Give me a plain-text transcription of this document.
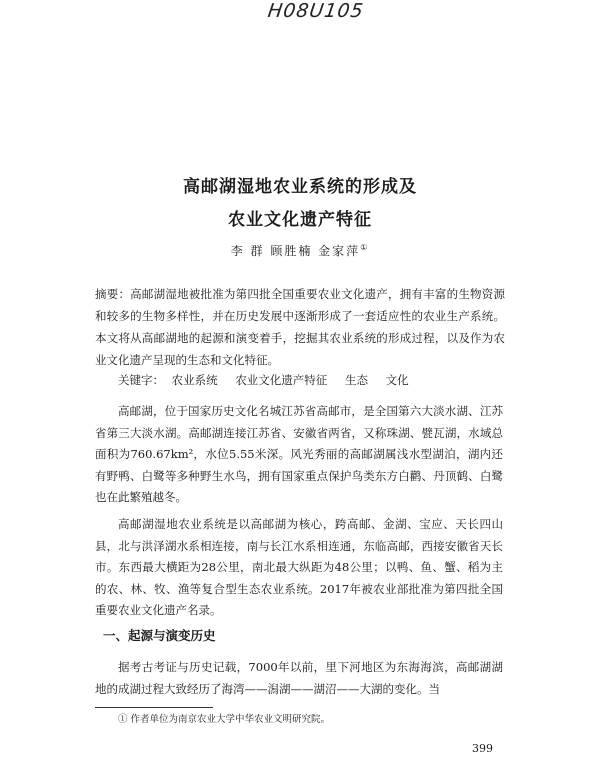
H08U105
高邮湖湿地农业系统的形成及
农业文化遗产特征
李 群 顾胜楠 金家萍①
摘要：高邮湖湿地被批准为第四批全国重要农业文化遗产，拥有丰富的生物资源和较多的生物多样性，并在历史发展中逐渐形成了一套适应性的农业生产系统。本文将从高邮湖地的起源和演变着手，挖掘其农业系统的形成过程，以及作为农业文化遗产呈现的生态和文化特征。
关键字： 农业系统 农业文化遗产特征 生态 文化

高邮湖，位于国家历史文化名城江苏省高邮市，是全国第六大淡水湖、江苏省第三大淡水湖。高邮湖连接江苏省、安徽省两省，又称珠湖、甓瓦湖，水域总面积为760.67km²，水位5.55米深。风光秀丽的高邮湖属浅水型湖泊，湖内还有野鸭、白鹭等多种野生水鸟，拥有国家重点保护鸟类东方白鹳、丹顶鹤、白鹭也在此繁殖越冬。

高邮湖湿地农业系统是以高邮湖为核心，跨高邮、金湖、宝应、天长四山县，北与洪泽湖水系相连接，南与长江水系相连通，东临高邮，西接安徽省天长市。东西最大横距为28公里，南北最大纵距为48公里；以鸭、鱼、蟹、稻为主的农、林、牧、渔等复合型生态农业系统。2017年被农业部批准为第四批全国重要农业文化遗产名录。

一、起源与演变历史

据考古考证与历史记载，7000年以前，里下河地区为东海海滨，高邮湖湖地的成湖过程大致经历了海湾——潟湖——湖沼——大湖的变化。当

① 作者单位为南京农业大学中华农业文明研究院。
399
